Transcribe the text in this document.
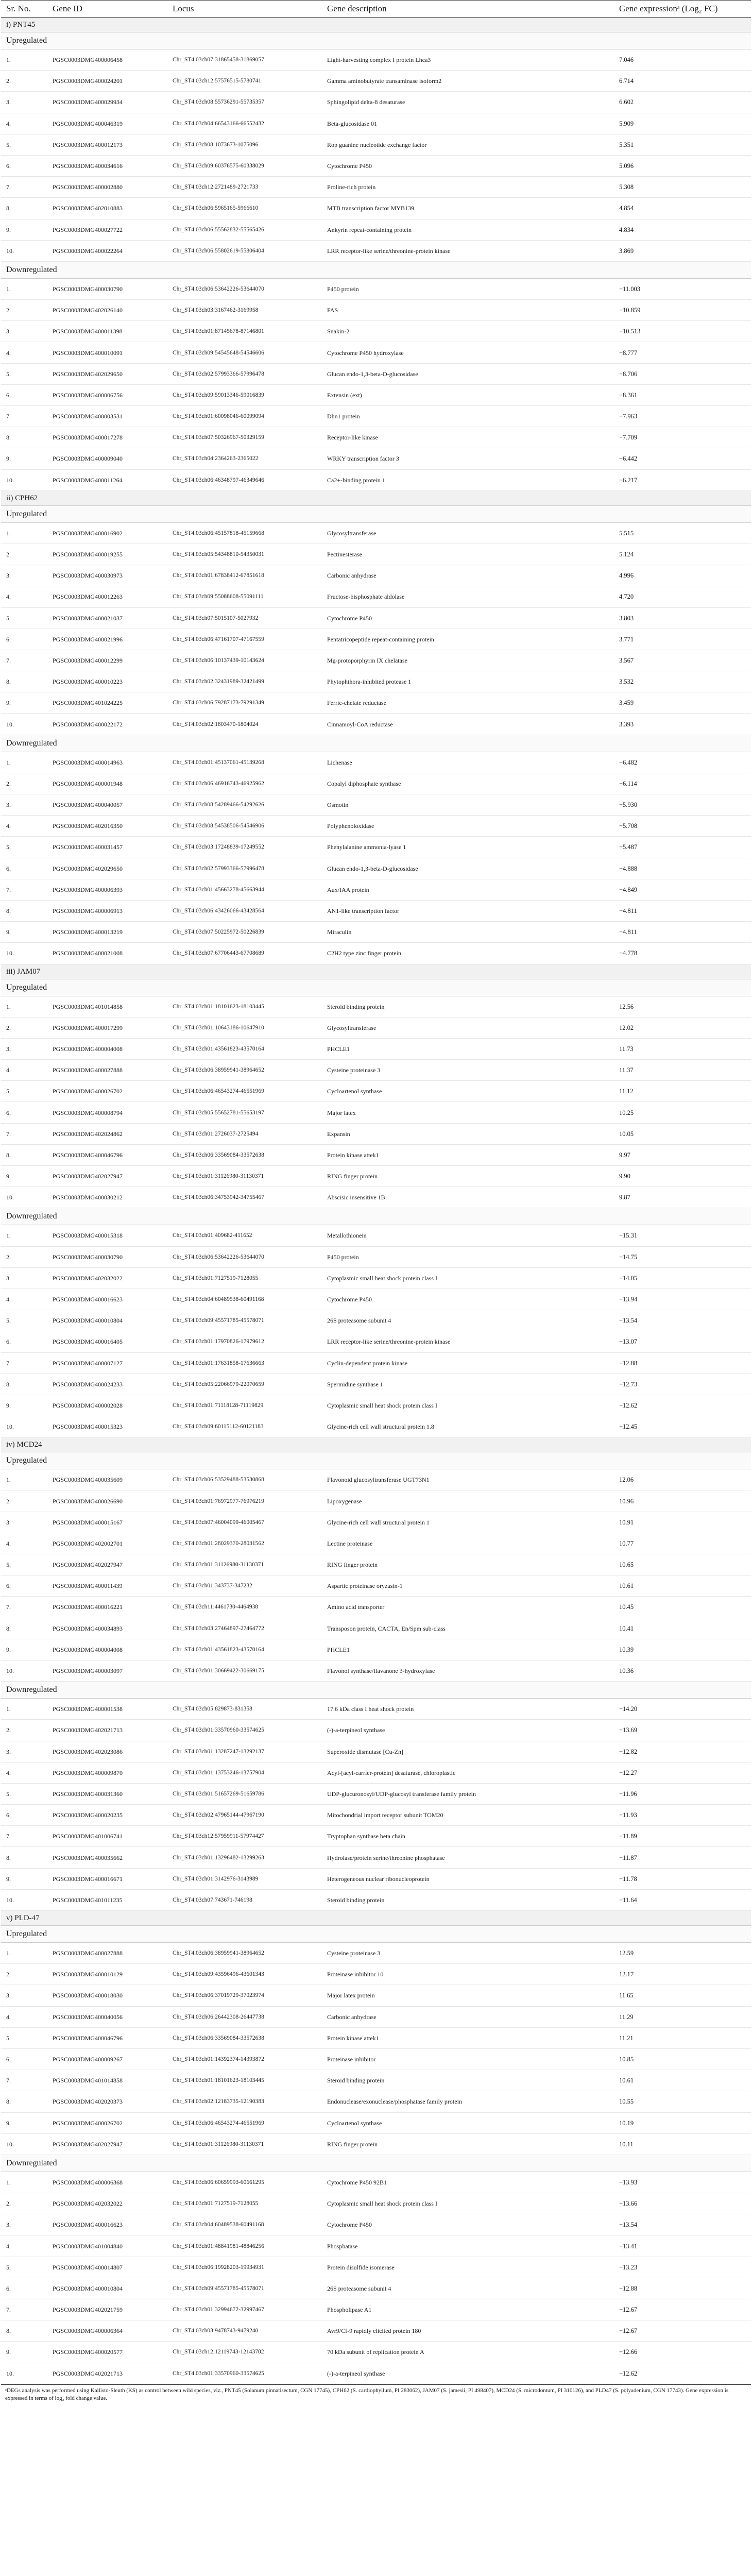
Sr. No.	Gene ID	Locus	Gene description	Gene expressionᵃ (Log₂ FC)
i) PNT45				
Upregulated				
1.	PGSC0003DMG400006458	Chr_ST4.03ch07:31865458-31869057	Light-harvesting complex I protein Lhca3	7.046
2.	PGSC0003DMG400024201	Chr_ST4.03ch12:57576515-5780741	Gamma aminobutyrate transaminase isoform2	6.714
3.	PGSC0003DMG400029934	Chr_ST4.03ch08:55736291-55735357	Sphingolipid delta-8 desaturase	6.602
4.	PGSC0003DMG400046319	Chr_ST4.03ch04:66543166-66552432	Beta-glucosidase 01	5.909
5.	PGSC0003DMG400012173	Chr_ST4.03ch08:1073673-1075096	Rop guanine nucleotide exchange factor	5.351
6.	PGSC0003DMG400034616	Chr_ST4.03ch09:60376575-60338029	Cytochrome P450	5.096
7.	PGSC0003DMG400002880	Chr_ST4.03ch12:2721489-2721733	Proline-rich protein	5.308
8.	PGSC0003DMG402010883	Chr_ST4.03ch06:5965165-5966610	MTB transcription factor MYB139	4.854
9.	PGSC0003DMG400027722	Chr_ST4.03ch06:55562832-55565426	Ankyrin repeat-containing protein	4.834
10.	PGSC0003DMG400022264	Chr_ST4.03ch06:55802619-55806404	LRR receptor-like serine/threonine-protein kinase	3.869
Downregulated				
1.	PGSC0003DMG400030790	Chr_ST4.03ch06:53642226-53644070	P450 protein	−11.003
2.	PGSC0003DMG402026140	Chr_ST4.03ch03:3167462-3169958	FAS	−10.859
3.	PGSC0003DMG400011398	Chr_ST4.03ch01:87145678-87146801	Snakin-2	−10.513
4.	PGSC0003DMG400010091	Chr_ST4.03ch09:54545648-54546606	Cytochrome P450 hydroxylase	−8.777
5.	PGSC0003DMG402029650	Chr_ST4.03ch02:57993366-57996478	Glucan endo-1,3-beta-D-glucosidase	−8.706
6.	PGSC0003DMG400006756	Chr_ST4.03ch09:59013346-59016839	Extensin (ext)	−8.361
7.	PGSC0003DMG400003531	Chr_ST4.03ch01:60098046-60099094	Dhn1 protein	−7.963
8.	PGSC0003DMG400017278	Chr_ST4.03ch07:50326967-50329159	Receptor-like kinase	−7.709
9.	PGSC0003DMG400009040	Chr_ST4.03ch04:2364263-2365022	WRKY transcription factor 3	−6.442
10.	PGSC0003DMG400011264	Chr_ST4.03ch06:46348797-46349646	Ca2+-binding protein 1	−6.217
ii) CPH62				
Upregulated				
1.	PGSC0003DMG400016902	Chr_ST4.03ch06:45157818-45159668	Glycosyltransferase	5.515
2.	PGSC0003DMG400019255	Chr_ST4.03ch05:54348810-54350031	Pectinesterase	5.124
3.	PGSC0003DMG400030973	Chr_ST4.03ch01:67838412-67851618	Carbonic anhydrase	4.996
4.	PGSC0003DMG400012263	Chr_ST4.03ch09:55088608-55091111	Fructose-bisphosphate aldolase	4.720
5.	PGSC0003DMG400021037	Chr_ST4.03ch07:5015107-5027932	Cytochrome P450	3.803
6.	PGSC0003DMG400021996	Chr_ST4.03ch06:47161707-47167559	Pentatricopeptide repeat-containing protein	3.771
7.	PGSC0003DMG400012299	Chr_ST4.03ch06:10137439-10143624	Mg-protoporphyrin IX chelatase	3.567
8.	PGSC0003DMG400010223	Chr_ST4.03ch02:32431989-32421499	Phytophthora-inhibited protease 1	3.532
9.	PGSC0003DMG401024225	Chr_ST4.03ch06:79287173-79291349	Ferric-chelate reductase	3.459
10.	PGSC0003DMG400022172	Chr_ST4.03ch02:1803470-1804024	Cinnamoyl-CoA reductase	3.393
Downregulated				
1.	PGSC0003DMG400014963	Chr_ST4.03ch01:45137061-45139268	Lichenase	−6.482
2.	PGSC0003DMG400001948	Chr_ST4.03ch06:46916743-46925962	Copalyl diphosphate synthase	−6.114
3.	PGSC0003DMG400040057	Chr_ST4.03ch08:54289466-54292626	Osmotin	−5.930
4.	PGSC0003DMG402016350	Chr_ST4.03ch08:54538506-54546906	Polyphenoloxidase	−5.708
5.	PGSC0003DMG400031457	Chr_ST4.03ch03:17248839-17249552	Phenylalanine ammonia-lyase 1	−5.487
6.	PGSC0003DMG402029650	Chr_ST4.03ch02:57993366-57996478	Glucan endo-1,3-beta-D-glucosidase	−4.888
7.	PGSC0003DMG400006393	Chr_ST4.03ch01:45663278-45663944	Aux/IAA protein	−4.849
8.	PGSC0003DMG400006913	Chr_ST4.03ch06:43426066-43428564	AN1-like transcription factor	−4.811
9.	PGSC0003DMG400013219	Chr_ST4.03ch07:50225972-50226839	Miraculin	−4.811
10.	PGSC0003DMG400021008	Chr_ST4.03ch07:67706443-67708689	C2H2 type zinc finger protein	−4.778
iii) JAM07				
Upregulated				
1.	PGSC0003DMG401014858	Chr_ST4.03ch01:18101623-18103445	Steroid binding protein	12.56
2.	PGSC0003DMG400017299	Chr_ST4.03ch01:10643186-10647910	Glycosyltransferase	12.02
3.	PGSC0003DMG400004008	Chr_ST4.03ch01:43561823-43570164	PHCLE1	11.73
4.	PGSC0003DMG400027888	Chr_ST4.03ch06:38959941-38964652	Cysteine proteinase 3	11.37
5.	PGSC0003DMG400026702	Chr_ST4.03ch06:46543274-46551969	Cycloartenol synthase	11.12
6.	PGSC0003DMG400008794	Chr_ST4.03ch05:55652781-55653197	Major latex	10.25
7.	PGSC0003DMG402024862	Chr_ST4.03ch01:2726037-2725494	Expansin	10.05
8.	PGSC0003DMG400046796	Chr_ST4.03ch06:33569084-33572638	Protein kinase attek1	9.97
9.	PGSC0003DMG402027947	Chr_ST4.03ch01:31126980-31130371	RING finger protein	9.90
10.	PGSC0003DMG400030212	Chr_ST4.03ch06:34753942-34755467	Abscisic insensitive 1B	9.87
Downregulated				
1.	PGSC0003DMG400015318	Chr_ST4.03ch01:409682-411652	Metallothionein	−15.31
2.	PGSC0003DMG400030790	Chr_ST4.03ch06:53642226-53644070	P450 protein	−14.75
3.	PGSC0003DMG402032022	Chr_ST4.03ch01:7127519-7128055	Cytoplasmic small heat shock protein class I	−14.05
4.	PGSC0003DMG400016623	Chr_ST4.03ch04:60489538-60491168	Cytochrome P450	−13.94
5.	PGSC0003DMG400010804	Chr_ST4.03ch09:45571785-45578071	26S proteasome subunit 4	−13.54
6.	PGSC0003DMG400016405	Chr_ST4.03ch01:17970826-17979612	LRR receptor-like serine/threonine-protein kinase	−13.07
7.	PGSC0003DMG400007127	Chr_ST4.03ch01:17631858-17636663	Cyclin-dependent protein kinase	−12.88
8.	PGSC0003DMG400024233	Chr_ST4.03ch05:22066979-22070659	Spermidine synthase 1	−12.73
9.	PGSC0003DMG400002028	Chr_ST4.03ch01:71118128-71119829	Cytoplasmic small heat shock protein class I	−12.62
10.	PGSC0003DMG400015323	Chr_ST4.03ch09:60115112-60121183	Glycine-rich cell wall structural protein 1.8	−12.45
iv) MCD24				
Upregulated				
1.	PGSC0003DMG400035609	Chr_ST4.03ch06:53529488-53530868	Flavonoid glucosyltransferase UGT73N1	12.06
2.	PGSC0003DMG400026690	Chr_ST4.03ch01:76972977-76976219	Lipoxygenase	10.96
3.	PGSC0003DMG400015167	Chr_ST4.03ch07:46004099-46005467	Glycine-rich cell wall structural protein 1	10.91
4.	PGSC0003DMG402002701	Chr_ST4.03ch01:28029370-28031562	Lectine proteinase	10.77
5.	PGSC0003DMG402027947	Chr_ST4.03ch01:31126980-31130371	RING finger protein	10.65
6.	PGSC0003DMG400011439	Chr_ST4.03ch01:343737-347232	Aspartic proteinase oryzasin-1	10.61
7.	PGSC0003DMG400016221	Chr_ST4.03ch11:4461730-4464938	Amino acid transporter	10.45
8.	PGSC0003DMG400034893	Chr_ST4.03ch03:27464897-27464772	Transposon protein, CACTA, En/Spm sub-class	10.41
9.	PGSC0003DMG400004008	Chr_ST4.03ch01:43561823-43570164	PHCLE1	10.39
10.	PGSC0003DMG400003097	Chr_ST4.03ch01:30669422-30669175	Flavonol synthase/flavanone 3-hydroxylase	10.36
Downregulated				
1.	PGSC0003DMG400001538	Chr_ST4.03ch05:829873-831358	17.6 kDa class I heat shock protein	−14.20
2.	PGSC0003DMG402021713	Chr_ST4.03ch01:33570960-33574625	(-)-a-terpineol synthase	−13.69
3.	PGSC0003DMG402023086	Chr_ST4.03ch01:13287247-13292137	Superoxide dismutase [Cu-Zn]	−12.82
4.	PGSC0003DMG400009870	Chr_ST4.03ch01:13753246-13757904	Acyl-[acyl-carrier-protein] desaturase, chloroplastic	−12.27
5.	PGSC0003DMG400031360	Chr_ST4.03ch01:51657269-51659786	UDP-glucuronosyl/UDP-glucosyl transferase family protein	−11.96
6.	PGSC0003DMG400020235	Chr_ST4.03ch02:47965144-47967190	Mitochondrial import receptor subunit TOM20	−11.93
7.	PGSC0003DMG401006741	Chr_ST4.03ch12:57959911-57974427	Tryptophan synthase beta chain	−11.89
8.	PGSC0003DMG400035662	Chr_ST4.03ch01:13296482-13299263	Hydrolase/protein serine/threonine phosphatase	−11.87
9.	PGSC0003DMG400016671	Chr_ST4.03ch01:3142976-3143989	Heterogeneous nuclear ribonucleoprotein	−11.78
10.	PGSC0003DMG401011235	Chr_ST4.03ch07:743671-746198	Steroid binding protein	−11.64
v) PLD-47				
Upregulated				
1.	PGSC0003DMG400027888	Chr_ST4.03ch06:38959941-38964652	Cysteine proteinase 3	12.59
2.	PGSC0003DMG400010129	Chr_ST4.03ch09:43596496-43601343	Proteinase inhibitor 10	12.17
3.	PGSC0003DMG400018030	Chr_ST4.03ch06:37019729-37023974	Major latex protein	11.65
4.	PGSC0003DMG400040056	Chr_ST4.03ch06:26442308-26447738	Carbonic anhydrase	11.29
5.	PGSC0003DMG400046796	Chr_ST4.03ch06:33569084-33572638	Protein kinase attek1	11.21
6.	PGSC0003DMG400009267	Chr_ST4.03ch01:14392374-14393872	Proteinase inhibitor	10.85
7.	PGSC0003DMG401014858	Chr_ST4.03ch01:18101623-18103445	Steroid binding protein	10.61
8.	PGSC0003DMG402020373	Chr_ST4.03ch02:12183735-12190383	Endonuclease/exonuclease/phosphatase family protein	10.55
9.	PGSC0003DMG400026702	Chr_ST4.03ch06:46543274-46551969	Cycloartenol synthase	10.19
10.	PGSC0003DMG402027947	Chr_ST4.03ch01:31126980-31130371	RING finger protein	10.11
Downregulated				
1.	PGSC0003DMG400006368	Chr_ST4.03ch06:60659993-60661295	Cytochrome P450 92B1	−13.93
2.	PGSC0003DMG402032022	Chr_ST4.03ch01:7127519-7128055	Cytoplasmic small heat shock protein class I	−13.66
3.	PGSC0003DMG400016623	Chr_ST4.03ch04:60489538-60491168	Cytochrome P450	−13.54
4.	PGSC0003DMG401004840	Chr_ST4.03ch01:48841981-48846256	Phosphatase	−13.41
5.	PGSC0003DMG400014807	Chr_ST4.03ch06:19928203-19934931	Protein disulfide isomerase	−13.23
6.	PGSC0003DMG400010804	Chr_ST4.03ch09:45571785-45578071	26S proteasome subunit 4	−12.88
7.	PGSC0003DMG402021759	Chr_ST4.03ch01:32994672-32997467	Phospholipase A1	−12.67
8.	PGSC0003DMG400006364	Chr_ST4.03ch03:9478743-9479240	Avr9/Cf-9 rapidly elicited protein 180	−12.67
9.	PGSC0003DMG400020577	Chr_ST4.03ch12:12119743-12143702	70 kDa subunit of replication protein A	−12.66
10.	PGSC0003DMG402021713	Chr_ST4.03ch01:33570960-33574625	(-)-a-terpineol synthase	−12.62
ᵃDEGs analysis was performed using Kallisto-Sleuth (KS) as control between wild species, viz., PNT45 (Solanum pinnatisectum, CGN 17745), CPH62 (S. cardiophyllum, PI 283062), JAM07 (S. jamesii, PI 498407), MCD24 (S. microdontum, PI 310126), and PLD47 (S. polyadenium, CGN 17743). Gene expression is expressed in terms of log₂ fold change value.
